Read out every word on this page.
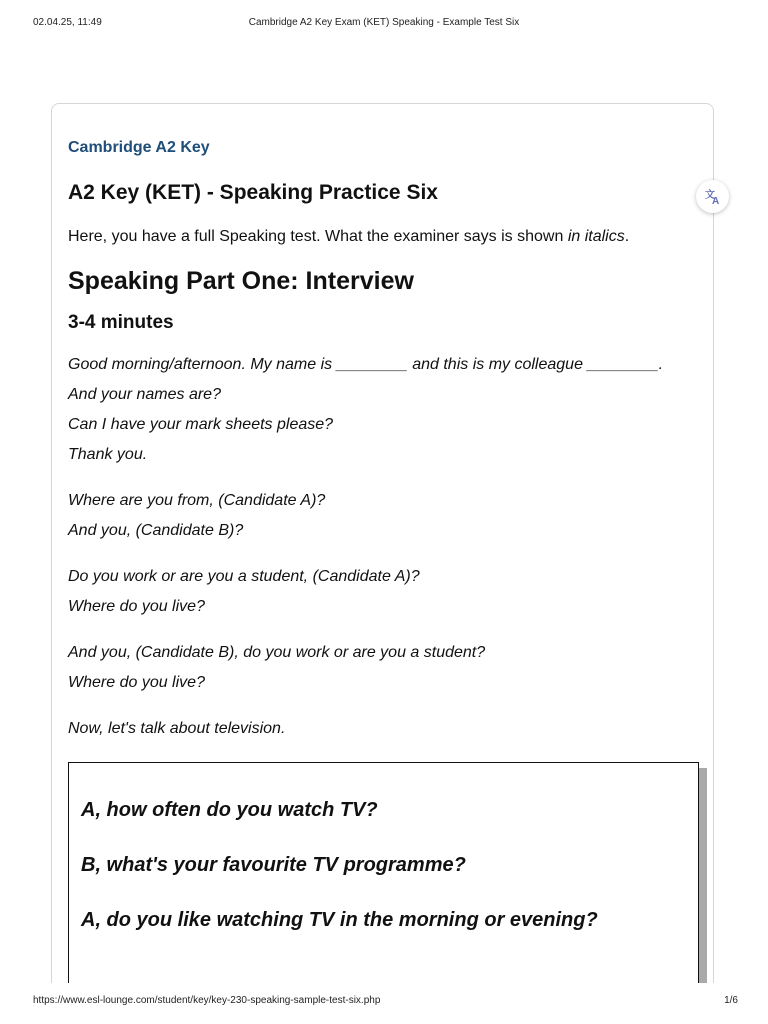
02.04.25, 11:49	Cambridge A2 Key Exam (KET) Speaking - Example Test Six
Cambridge A2 Key
A2 Key (KET) - Speaking Practice Six
Here, you have a full Speaking test. What the examiner says is shown in italics.
Speaking Part One: Interview
3-4 minutes
Good morning/afternoon. My name is ________ and this is my colleague ________.
And your names are?
Can I have your mark sheets please?
Thank you.
Where are you from, (Candidate A)?
And you, (Candidate B)?
Do you work or are you a student, (Candidate A)?
Where do you live?
And you, (Candidate B), do you work or are you a student?
Where do you live?
Now, let's talk about television.
A, how often do you watch TV?
B, what's your favourite TV programme?
A, do you like watching TV in the morning or evening?
文
A
https://www.esl-lounge.com/student/key/key-230-speaking-sample-test-six.php	1/6
